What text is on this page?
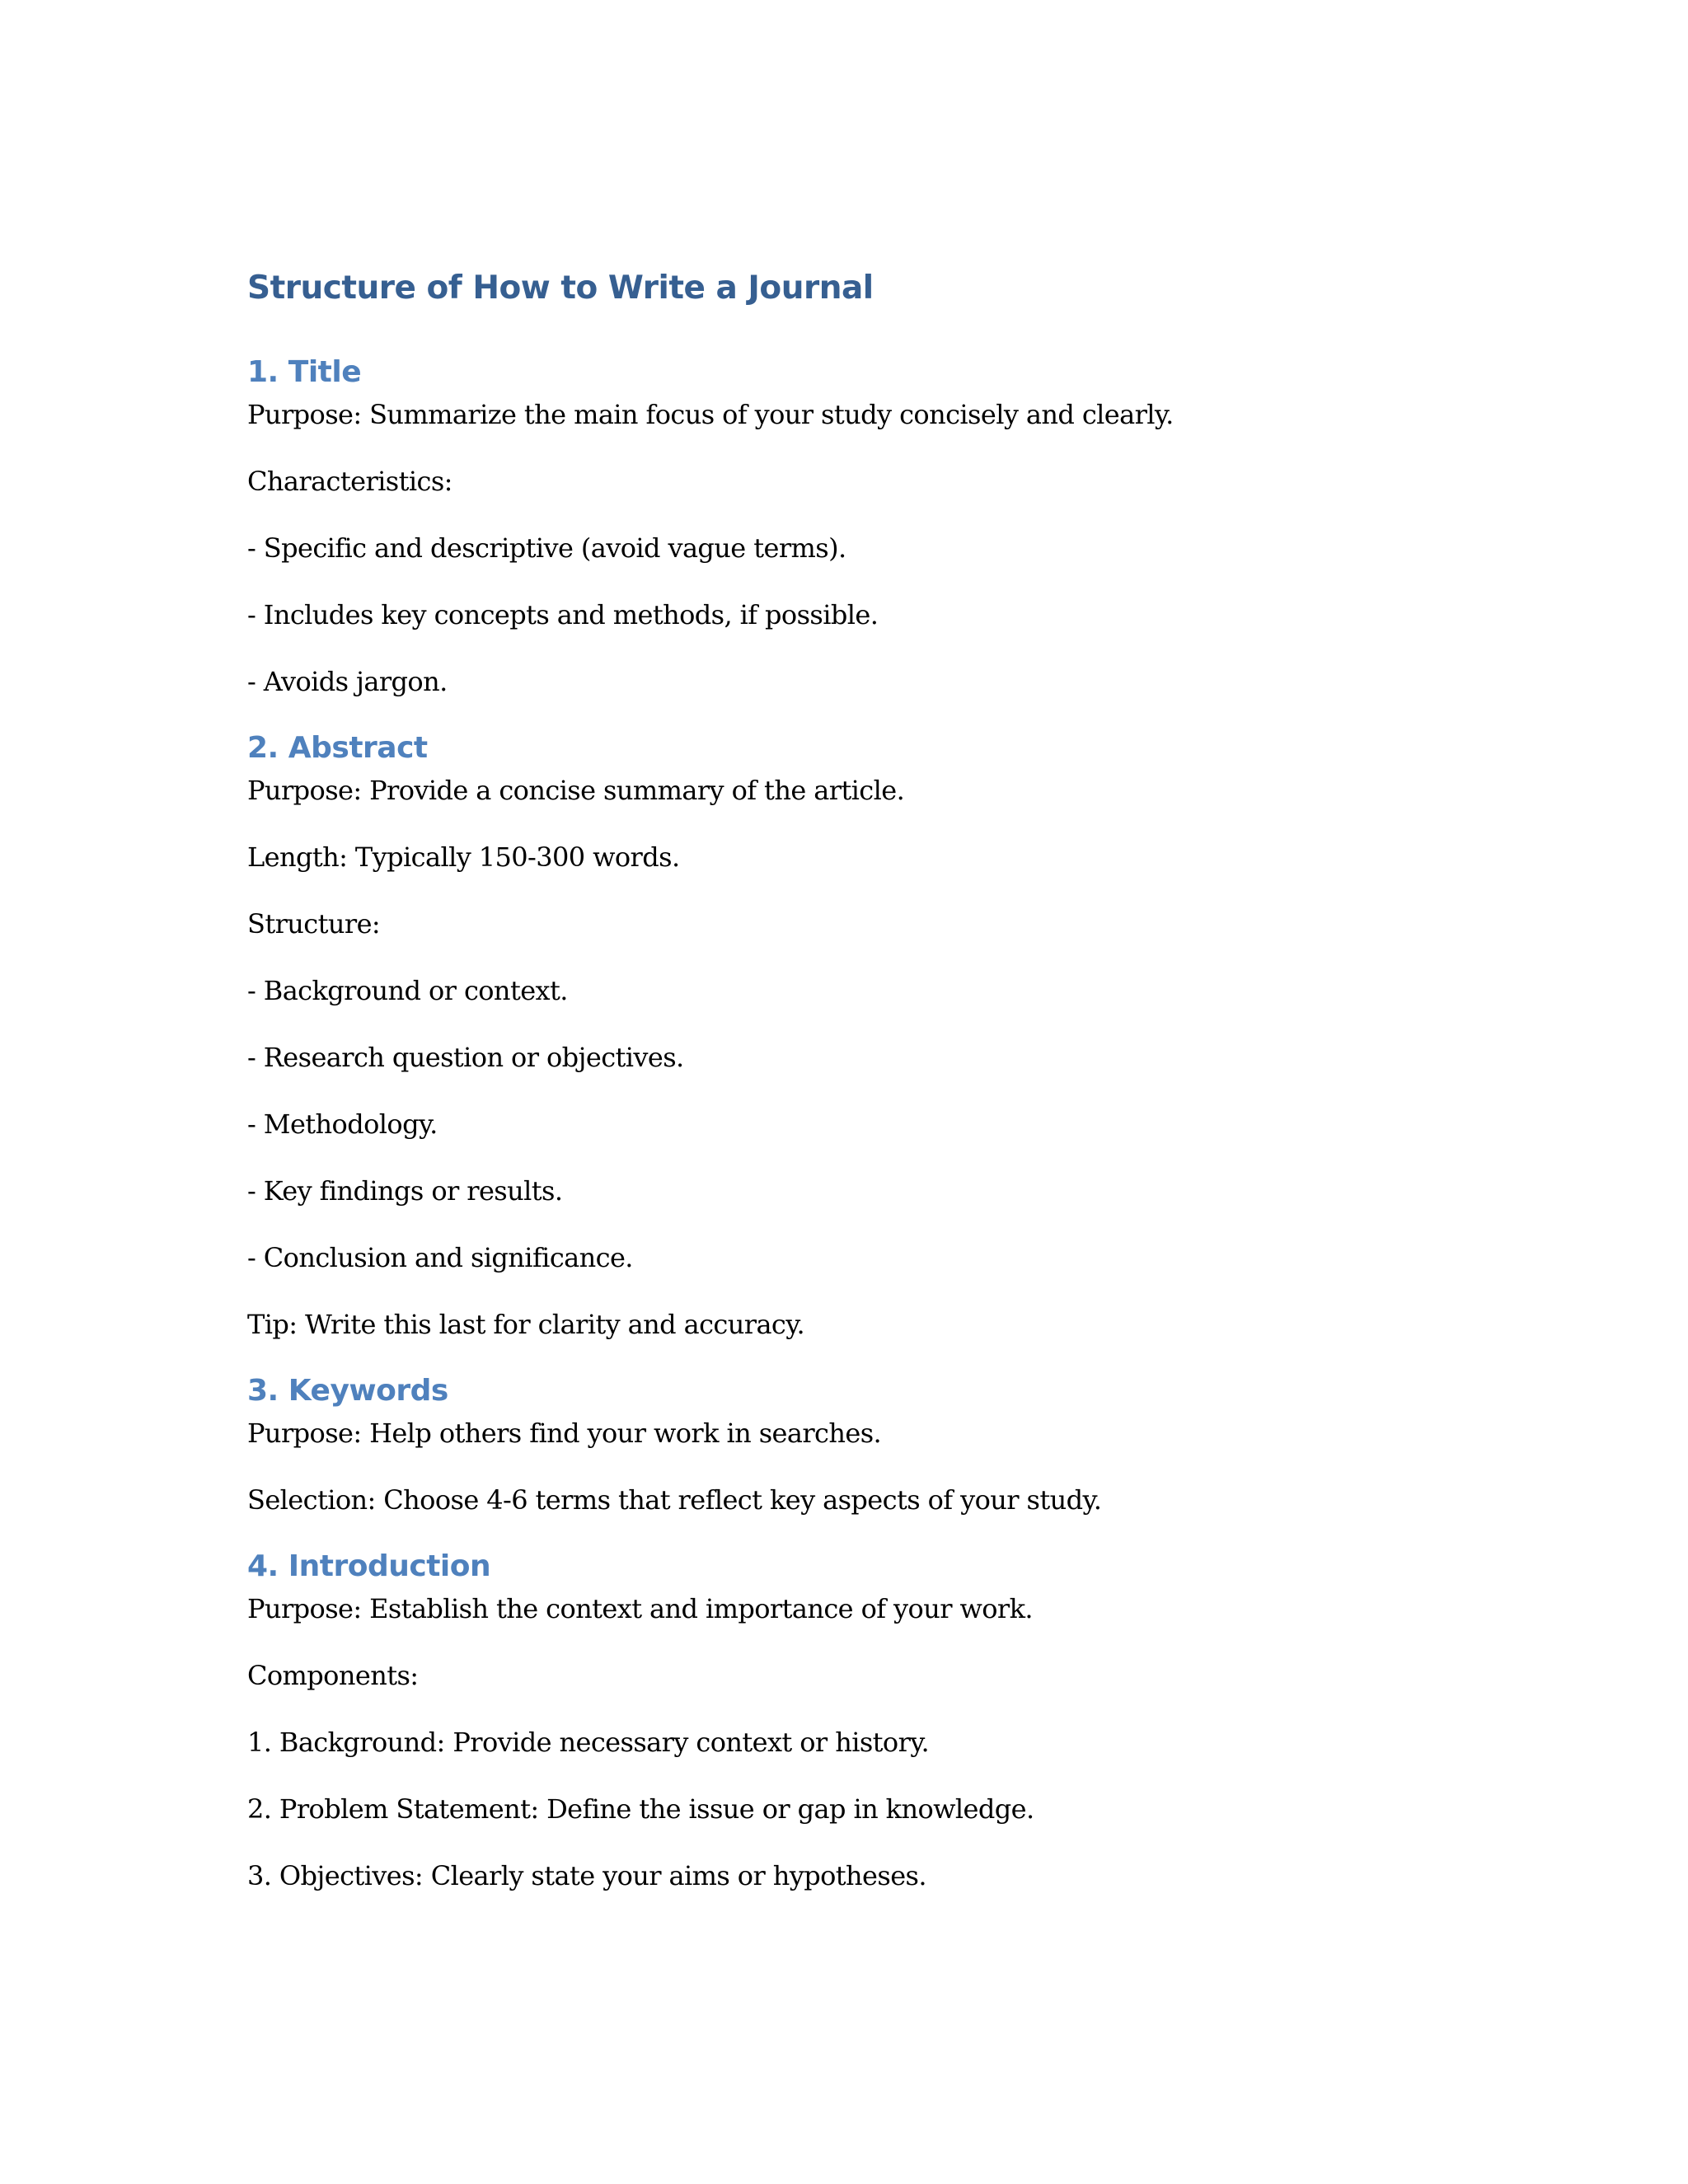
Structure of How to Write a Journal
1. Title

Purpose: Summarize the main focus of your study concisely and clearly.

Characteristics:

- Specific and descriptive (avoid vague terms).

- Includes key concepts and methods, if possible.

- Avoids jargon.

2. Abstract

Purpose: Provide a concise summary of the article.

Length: Typically 150-300 words.

Structure:

- Background or context.

- Research question or objectives.

- Methodology.

- Key findings or results.

- Conclusion and significance.

Tip: Write this last for clarity and accuracy.

3. Keywords

Purpose: Help others find your work in searches.

Selection: Choose 4-6 terms that reflect key aspects of your study.

4. Introduction

Purpose: Establish the context and importance of your work.

Components:

1. Background: Provide necessary context or history.

2. Problem Statement: Define the issue or gap in knowledge.

3. Objectives: Clearly state your aims or hypotheses.
